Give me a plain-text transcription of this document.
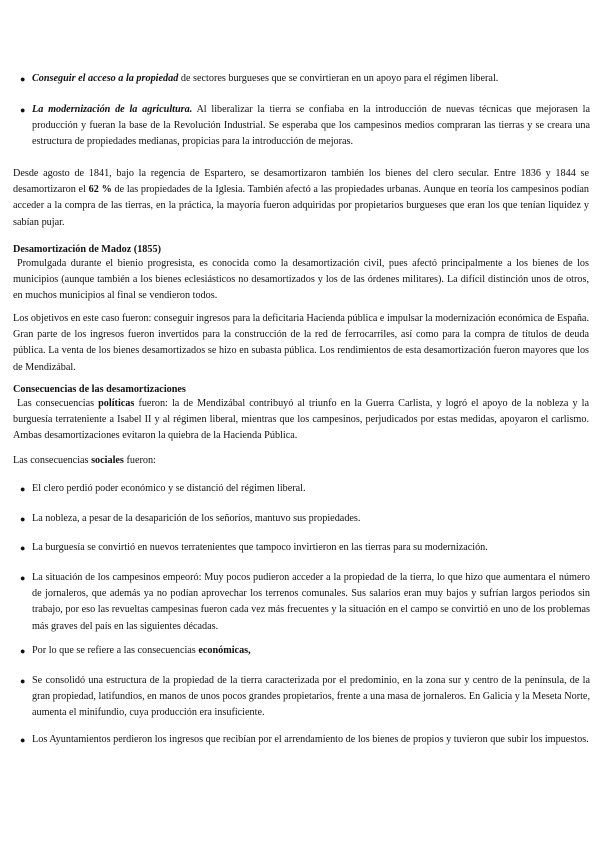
● Conseguir el acceso a la propiedad de sectores burgueses que se convirtieran en un apoyo para el régimen liberal.
● La modernización de la agricultura. Al liberalizar la tierra se confiaba en la introducción de nuevas técnicas que mejorasen la producción y fueran la base de la Revolución Industrial. Se esperaba que los campesinos medios compraran las tierras y se creara una estructura de propiedades medianas, propicias para la introducción de mejoras.
Desde agosto de 1841, bajo la regencia de Espartero, se desamortizaron también los bienes del clero secular. Entre 1836 y 1844 se desamortizaron el 62 % de las propiedades de la Iglesia. También afectó a las propiedades urbanas. Aunque en teoría los campesinos podían acceder a la compra de las tierras, en la práctica, la mayoría fueron adquiridas por propietarios burgueses que eran los que tenían liquidez y sabían pujar.
Desamortización de Madoz (1855)
Promulgada durante el bienio progresista, es conocida como la desamortización civil, pues afectó principalmente a los bienes de los municipios (aunque también a los bienes eclesiásticos no desamortizados y los de las órdenes militares). La difícil distinción unos de otros, en muchos municipios al final se vendieron todos.
Los objetivos en este caso fueron: conseguir ingresos para la deficitaria Hacienda pública e impulsar la modernización económica de España. Gran parte de los ingresos fueron invertidos para la construcción de la red de ferrocarriles, así como para la compra de títulos de deuda pública. La venta de los bienes desamortizados se hizo en subasta pública. Los rendimientos de esta desamortización fueron mayores que los de Mendizábal.
Consecuencias de las desamortizaciones
Las consecuencias políticas fueron: la de Mendizábal contribuyó al triunfo en la Guerra Carlista, y logró el apoyo de la nobleza y la burguesía terrateniente a Isabel II y al régimen liberal, mientras que los campesinos, perjudicados por estas medidas, apoyaron el carlismo. Ambas desamortizaciones evitaron la quiebra de la Hacienda Pública.
Las consecuencias sociales fueron:
● El clero perdió poder económico y se distanció del régimen liberal.
● La nobleza, a pesar de la desaparición de los señoríos, mantuvo sus propiedades.
● La burguesía se convirtió en nuevos terratenientes que tampoco invirtieron en las tierras para su modernización.
● La situación de los campesinos empeoró: Muy pocos pudieron acceder a la propiedad de la tierra, lo que hizo que aumentara el número de jornaleros, que además ya no podían aprovechar los terrenos comunales. Sus salarios eran muy bajos y sufrían largos periodos sin trabajo, por eso las revueltas campesinas fueron cada vez más frecuentes y la situación en el campo se convirtió en uno de los problemas más graves del país en las siguientes décadas.
● Por lo que se refiere a las consecuencias económicas,
● Se consolidó una estructura de la propiedad de la tierra caracterizada por el predominio, en la zona sur y centro de la península, de la gran propiedad, latifundios, en manos de unos pocos grandes propietarios, frente a una masa de jornaleros. En Galicia y la Meseta Norte, aumenta el minifundio, cuya producción era insuficiente.
● Los Ayuntamientos perdieron los ingresos que recibían por el arrendamiento de los bienes de propios y tuvieron que subir los impuestos.
